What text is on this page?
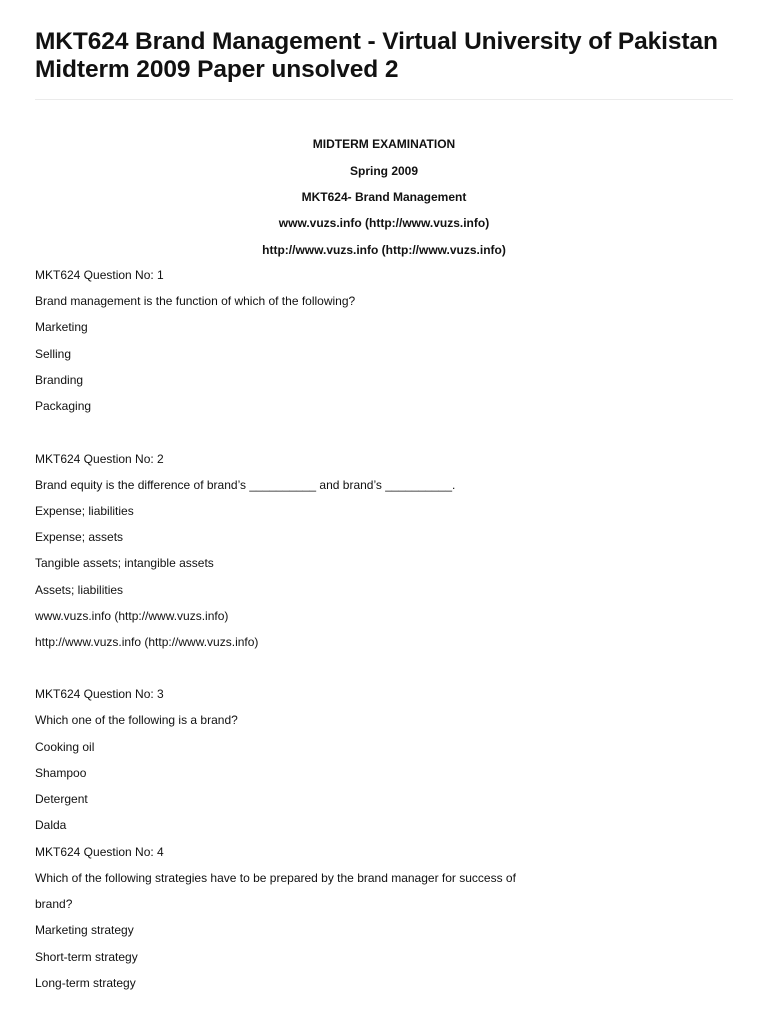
MKT624 Brand Management - Virtual University of Pakistan
Midterm 2009 Paper unsolved 2
MIDTERM EXAMINATION
Spring 2009
MKT624- Brand Management
www.vuzs.info (http://www.vuzs.info)
http://www.vuzs.info (http://www.vuzs.info)
MKT624 Question No: 1
Brand management is the function of which of the following?
Marketing
Selling
Branding
Packaging
MKT624 Question No: 2
Brand equity is the difference of brand’s __________ and brand’s __________.
Expense; liabilities
Expense; assets
Tangible assets; intangible assets
Assets; liabilities
www.vuzs.info (http://www.vuzs.info)
http://www.vuzs.info (http://www.vuzs.info)
MKT624 Question No: 3
Which one of the following is a brand?
Cooking oil
Shampoo
Detergent
Dalda
MKT624 Question No: 4
Which of the following strategies have to be prepared by the brand manager for success of
brand?
Marketing strategy
Short-term strategy
Long-term strategy
